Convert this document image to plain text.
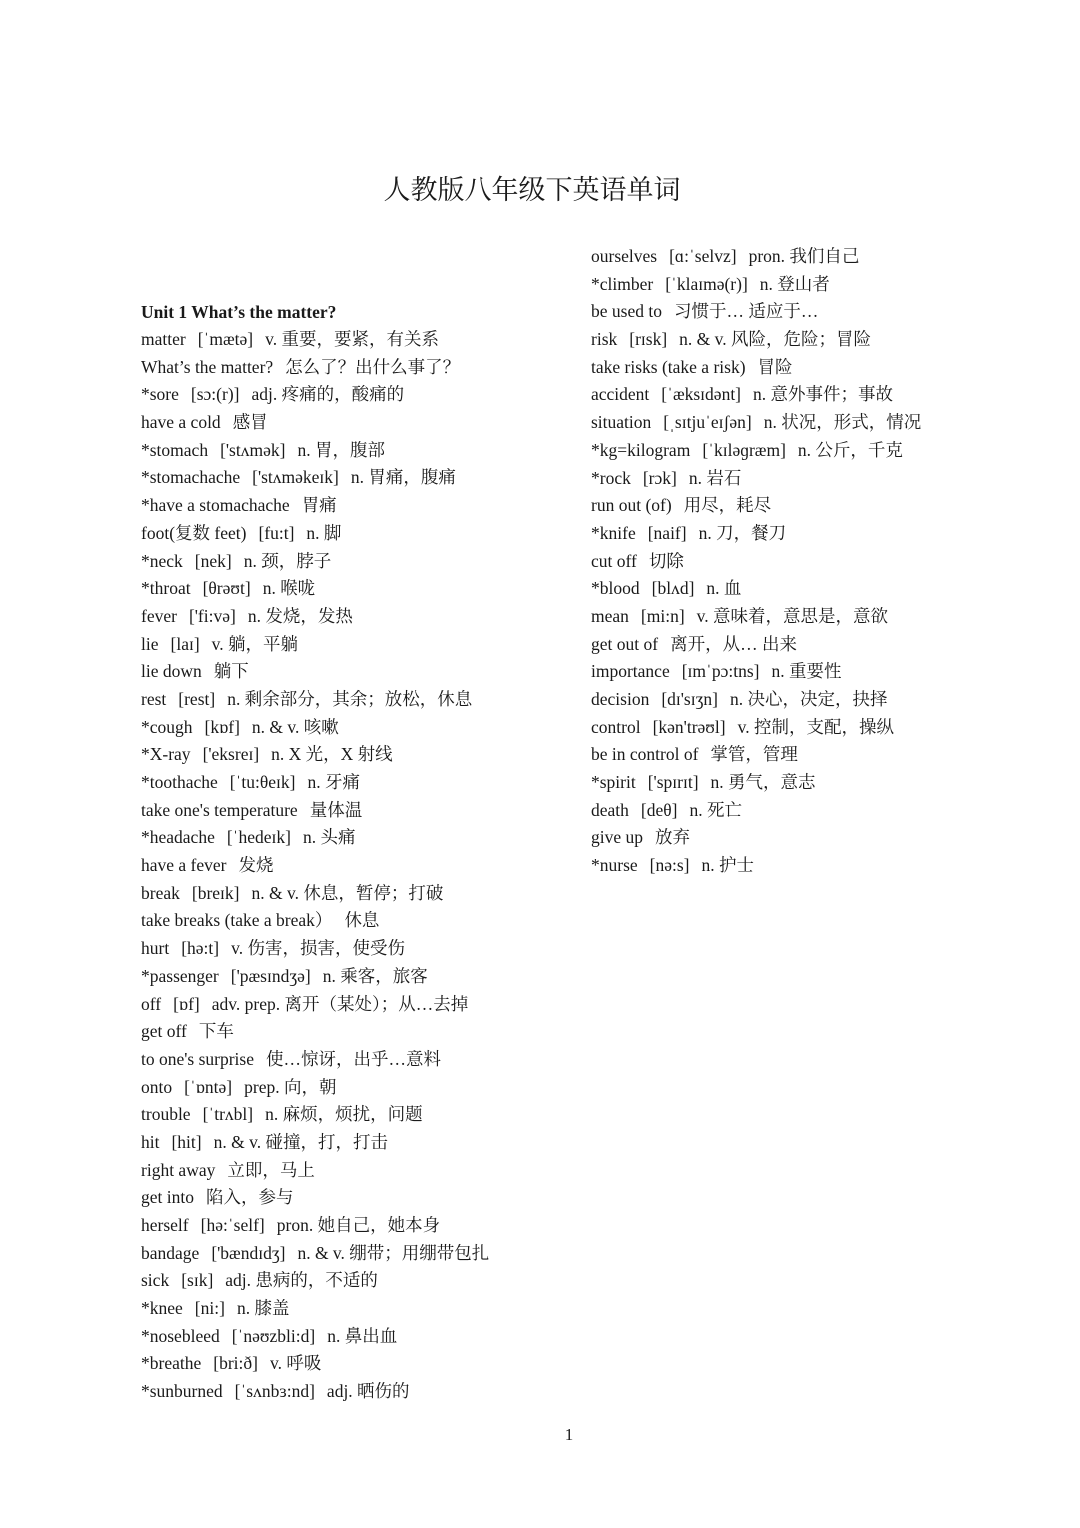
人教版八年级下英语单词
Unit 1 What’s the matter?
matter [ˈmætə] v. 重要，要紧，有关系
What’s the matter? 怎么了？出什么事了？
*sore [sɔ:(r)] adj. 疼痛的，酸痛的
have a cold 感冒
*stomach ['stʌmək] n. 胃，腹部
*stomachache ['stʌməkeɪk] n. 胃痛，腹痛
*have a stomachache 胃痛
foot(复数 feet) [fu:t] n. 脚
*neck [nek] n. 颈，脖子
*throat [θrəʊt] n. 喉咙
fever ['fi:və] n. 发烧，发热
lie [laɪ] v. 躺，平躺
lie down 躺下
rest [rest] n. 剩余部分，其余；放松，休息
*cough [kɒf] n. & v. 咳嗽
*X-ray ['eksreɪ] n. X 光，X 射线
*toothache [ˈtu:θeɪk] n. 牙痛
take one's temperature 量体温
*headache [ˈhedeɪk] n. 头痛
have a fever 发烧
break [breɪk] n. & v. 休息，暂停；打破
take breaks (take a break） 休息
hurt [hə:t] v. 伤害，损害，使受伤
*passenger ['pæsɪndʒə] n. 乘客，旅客
off [ɒf] adv. prep. 离开（某处）；从…去掉
get off 下车
to one's surprise 使…惊讶，出乎…意料
onto [ˈɒntə] prep. 向，朝
trouble [ˈtrʌbl] n. 麻烦，烦扰，问题
hit [hit] n. & v. 碰撞，打，打击
right away 立即，马上
get into 陷入，参与
herself [hə:ˈself] pron. 她自己，她本身
bandage ['bændɪdʒ] n. & v. 绷带；用绷带包扎
sick [sɪk] adj. 患病的，不适的
*knee [ni:] n. 膝盖
*nosebleed [ˈnəʊzbli:d] n. 鼻出血
*breathe [bri:ð] v. 呼吸
*sunburned [ˈsʌnbɜ:nd] adj. 晒伤的
ourselves [ɑ:ˈselvz] pron. 我们自己
*climber [ˈklaɪmə(r)] n. 登山者
be used to 习惯于… 适应于…
risk [rɪsk] n. & v. 风险，危险；冒险
take risks (take a risk) 冒险
accident [ˈæksɪdənt] n. 意外事件；事故
situation [ˌsɪtjuˈeɪʃən] n. 状况，形式，情况
*kg=kilogram [ˈkɪləɡræm] n. 公斤，千克
*rock [rɔk] n. 岩石
run out (of) 用尽，耗尽
*knife [naif] n. 刀，餐刀
cut off 切除
*blood [blʌd] n. 血
mean [mi:n] v. 意味着，意思是，意欲
get out of 离开，从… 出来
importance [ɪmˈpɔ:tns] n. 重要性
decision [dɪ'sɪʒn] n. 决心，决定，抉择
control [kən'trəʊl] v. 控制，支配，操纵
be in control of 掌管，管理
*spirit ['spɪrɪt] n. 勇气，意志
death [deθ] n. 死亡
give up 放弃
*nurse [nə:s] n. 护士
1
